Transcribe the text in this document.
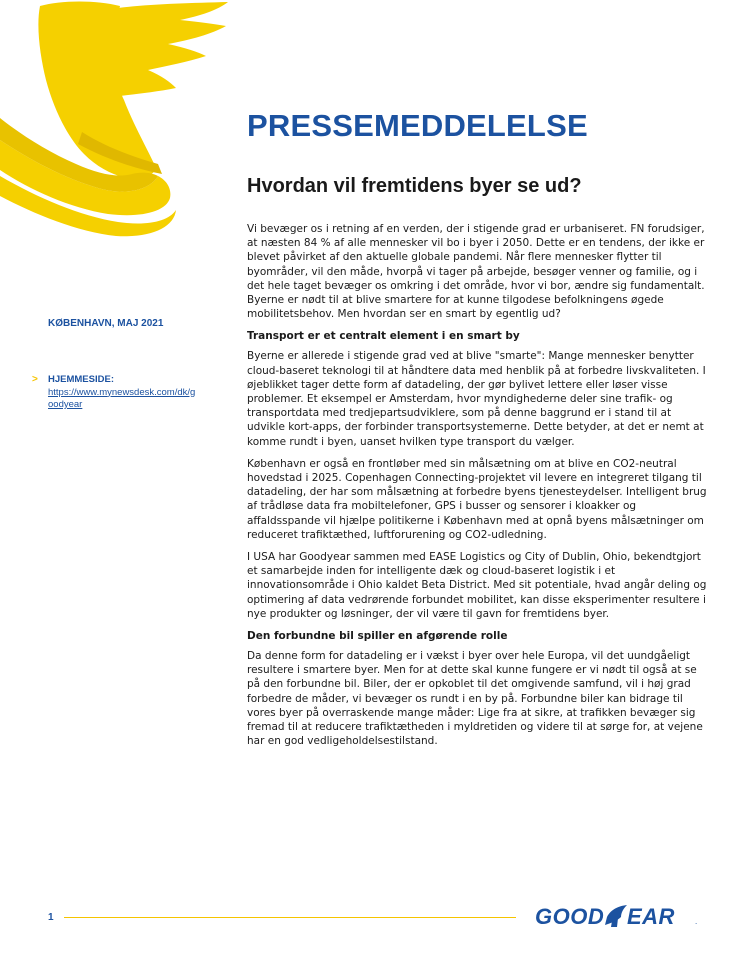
PRESSEMEDDELELSE
Hvordan vil fremtidens byer se ud?
KØBENHAVN, MAJ 2021
> HJEMMESIDE:
https://www.mynewsdesk.com/dk/goodyear

Vi bevæger os i retning af en verden, der i stigende grad er urbaniseret. FN forudsiger, at næsten 84 % af alle mennesker vil bo i byer i 2050. Dette er en tendens, der ikke er blevet påvirket af den aktuelle globale pandemi. Når flere mennesker flytter til byområder, vil den måde, hvorpå vi tager på arbejde, besøger venner og familie, og i det hele taget bevæger os omkring i det område, hvor vi bor, ændre sig fundamentalt. Byerne er nødt til at blive smartere for at kunne tilgodese befolkningens øgede mobilitetsbehov. Men hvordan ser en smart by egentlig ud?

Transport er et centralt element i en smart by

Byerne er allerede i stigende grad ved at blive "smarte": Mange mennesker benytter cloud-baseret teknologi til at håndtere data med henblik på at forbedre livskvaliteten. I øjeblikket tager dette form af datadeling, der gør bylivet lettere eller løser visse problemer. Et eksempel er Amsterdam, hvor myndighederne deler sine trafik- og transportdata med tredjepartsudviklere, som på denne baggrund er i stand til at udvikle kort-apps, der forbinder transportsystemerne. Dette betyder, at det er nemt at komme rundt i byen, uanset hvilken type transport du vælger.

København er også en frontløber med sin målsætning om at blive en CO2-neutral hovedstad i 2025. Copenhagen Connecting-projektet vil levere en integreret tilgang til datadeling, der har som målsætning at forbedre byens tjenesteydelser. Intelligent brug af trådløse data fra mobiltelefoner, GPS i busser og sensorer i kloakker og affaldsspande vil hjælpe politikerne i København med at opnå byens målsætninger om reduceret trafiktæthed, luftforurening og CO2-udledning.

I USA har Goodyear sammen med EASE Logistics og City of Dublin, Ohio, bekendtgjort et samarbejde inden for intelligente dæk og cloud-baseret logistik i et innovationsområde i Ohio kaldet Beta District. Med sit potentiale, hvad angår deling og optimering af data vedrørende forbundet mobilitet, kan disse eksperimenter resultere i nye produkter og løsninger, der vil være til gavn for fremtidens byer.

Den forbundne bil spiller en afgørende rolle

Da denne form for datadeling er i vækst i byer over hele Europa, vil det uundgåeligt resultere i smartere byer. Men for at dette skal kunne fungere er vi nødt til også at se på den forbundne bil. Biler, der er opkoblet til det omgivende samfund, vil i høj grad forbedre de måder, vi bevæger os rundt i en by på. Forbundne biler kan bidrage til vores byer på overraskende mange måder: Lige fra at sikre, at trafikken bevæger sig fremad til at reducere trafiktætheden i myldretiden og videre til at sørge for, at vejene har en god vedligeholdelsestilstand.

1	GOOD EAR	.
